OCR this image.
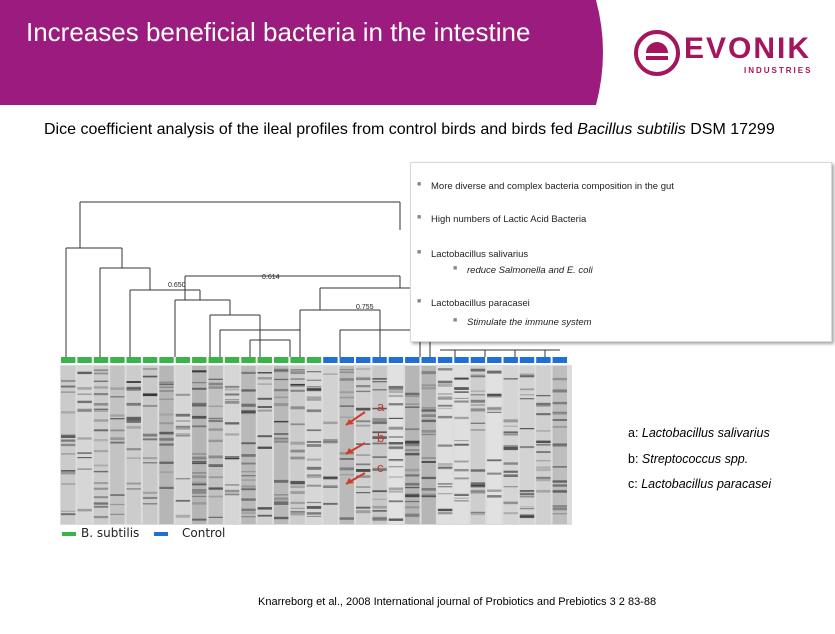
Increases beneficial bacteria in the intestine	EVONIK
INDUSTRIES
Dice coefficient analysis of the ileal profiles from control birds and birds fed Bacillus subtilis DSM 17299
0.650
0.614
0.755
■ More diverse and complex bacteria composition in the gut
■ High numbers of Lactic Acid Bacteria
■ Lactobacillus salivarius
■ reduce Salmonella and E. coli
■ Lactobacillus paracasei
■ Stimulate the immune system
a
b
c
a: Lactobacillus salivarius
b: Streptococcus spp.
c: Lactobacillus paracasei
B. subtilis	Control
Knarreborg et al., 2008 International journal of Probiotics and Prebiotics 3 2 83-88
